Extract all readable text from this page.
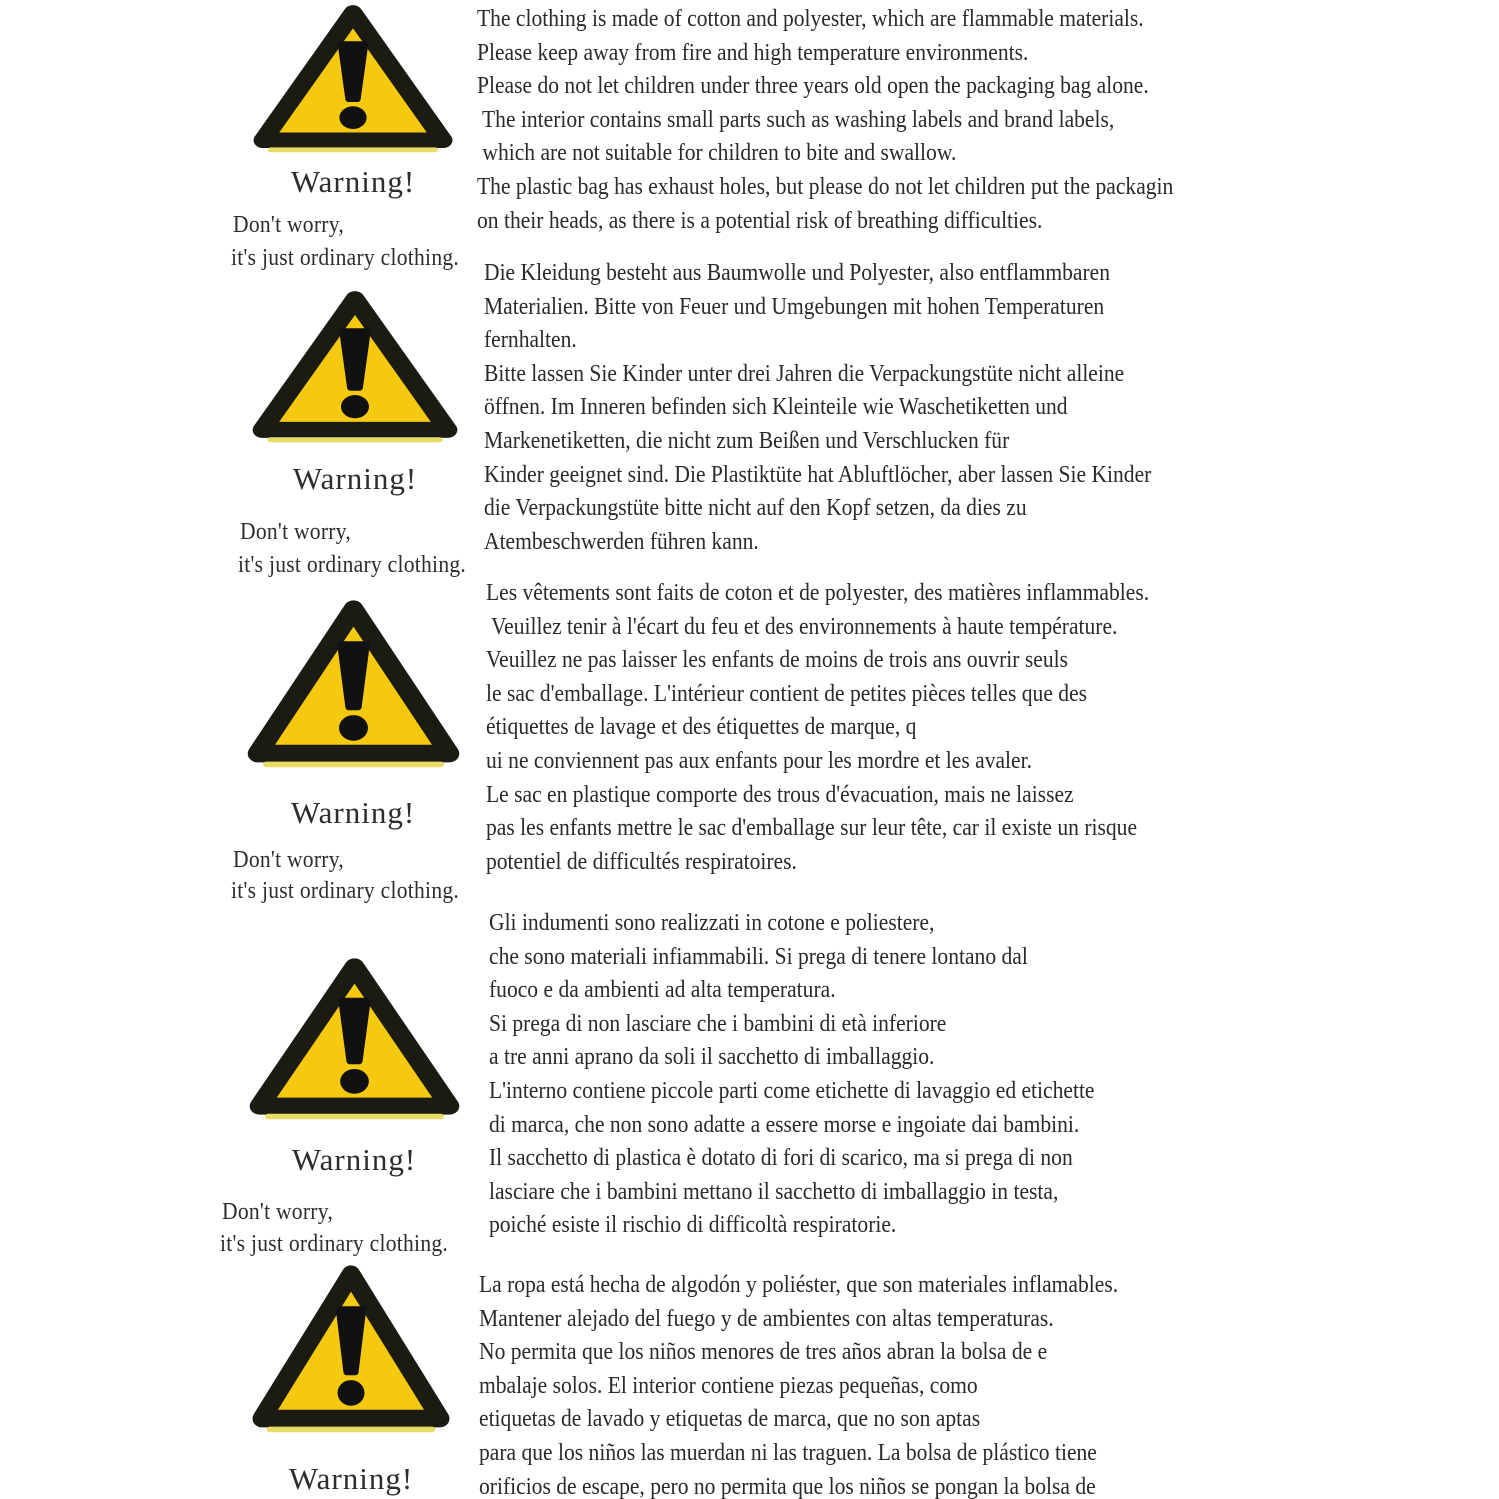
Warning!
Don't worry,
it's just ordinary clothing.
Warning!
Don't worry,
it's just ordinary clothing.
Warning!
Don't worry,
it's just ordinary clothing.
Warning!
Don't worry,
it's just ordinary clothing.
Warning!
The clothing is made of cotton and polyester, which are flammable materials.
Please keep away from fire and high temperature environments.
Please do not let children under three years old open the packaging bag alone.
The interior contains small parts such as washing labels and brand labels,
which are not suitable for children to bite and swallow.
The plastic bag has exhaust holes, but please do not let children put the packagin
on their heads, as there is a potential risk of breathing difficulties.
Die Kleidung besteht aus Baumwolle und Polyester, also entflammbaren
Materialien. Bitte von Feuer und Umgebungen mit hohen Temperaturen
fernhalten.
Bitte lassen Sie Kinder unter drei Jahren die Verpackungstüte nicht alleine
öffnen. Im Inneren befinden sich Kleinteile wie Waschetiketten und
Markenetiketten, die nicht zum Beißen und Verschlucken für
Kinder geeignet sind. Die Plastiktüte hat Abluftlöcher, aber lassen Sie Kinder
die Verpackungstüte bitte nicht auf den Kopf setzen, da dies zu
Atembeschwerden führen kann.
Les vêtements sont faits de coton et de polyester, des matières inflammables.
Veuillez tenir à l'écart du feu et des environnements à haute température.
Veuillez ne pas laisser les enfants de moins de trois ans ouvrir seuls
le sac d'emballage. L'intérieur contient de petites pièces telles que des
étiquettes de lavage et des étiquettes de marque, q
ui ne conviennent pas aux enfants pour les mordre et les avaler.
Le sac en plastique comporte des trous d'évacuation, mais ne laissez
pas les enfants mettre le sac d'emballage sur leur tête, car il existe un risque
potentiel de difficultés respiratoires.
Gli indumenti sono realizzati in cotone e poliestere,
che sono materiali infiammabili. Si prega di tenere lontano dal
fuoco e da ambienti ad alta temperatura.
Si prega di non lasciare che i bambini di età inferiore
a tre anni aprano da soli il sacchetto di imballaggio.
L'interno contiene piccole parti come etichette di lavaggio ed etichette
di marca, che non sono adatte a essere morse e ingoiate dai bambini.
Il sacchetto di plastica è dotato di fori di scarico, ma si prega di non
lasciare che i bambini mettano il sacchetto di imballaggio in testa,
poiché esiste il rischio di difficoltà respiratorie.
La ropa está hecha de algodón y poliéster, que son materiales inflamables.
Mantener alejado del fuego y de ambientes con altas temperaturas.
No permita que los niños menores de tres años abran la bolsa de e
mbalaje solos. El interior contiene piezas pequeñas, como
etiquetas de lavado y etiquetas de marca, que no son aptas
para que los niños las muerdan ni las traguen. La bolsa de plástico tiene
orificios de escape, pero no permita que los niños se pongan la bolsa de
